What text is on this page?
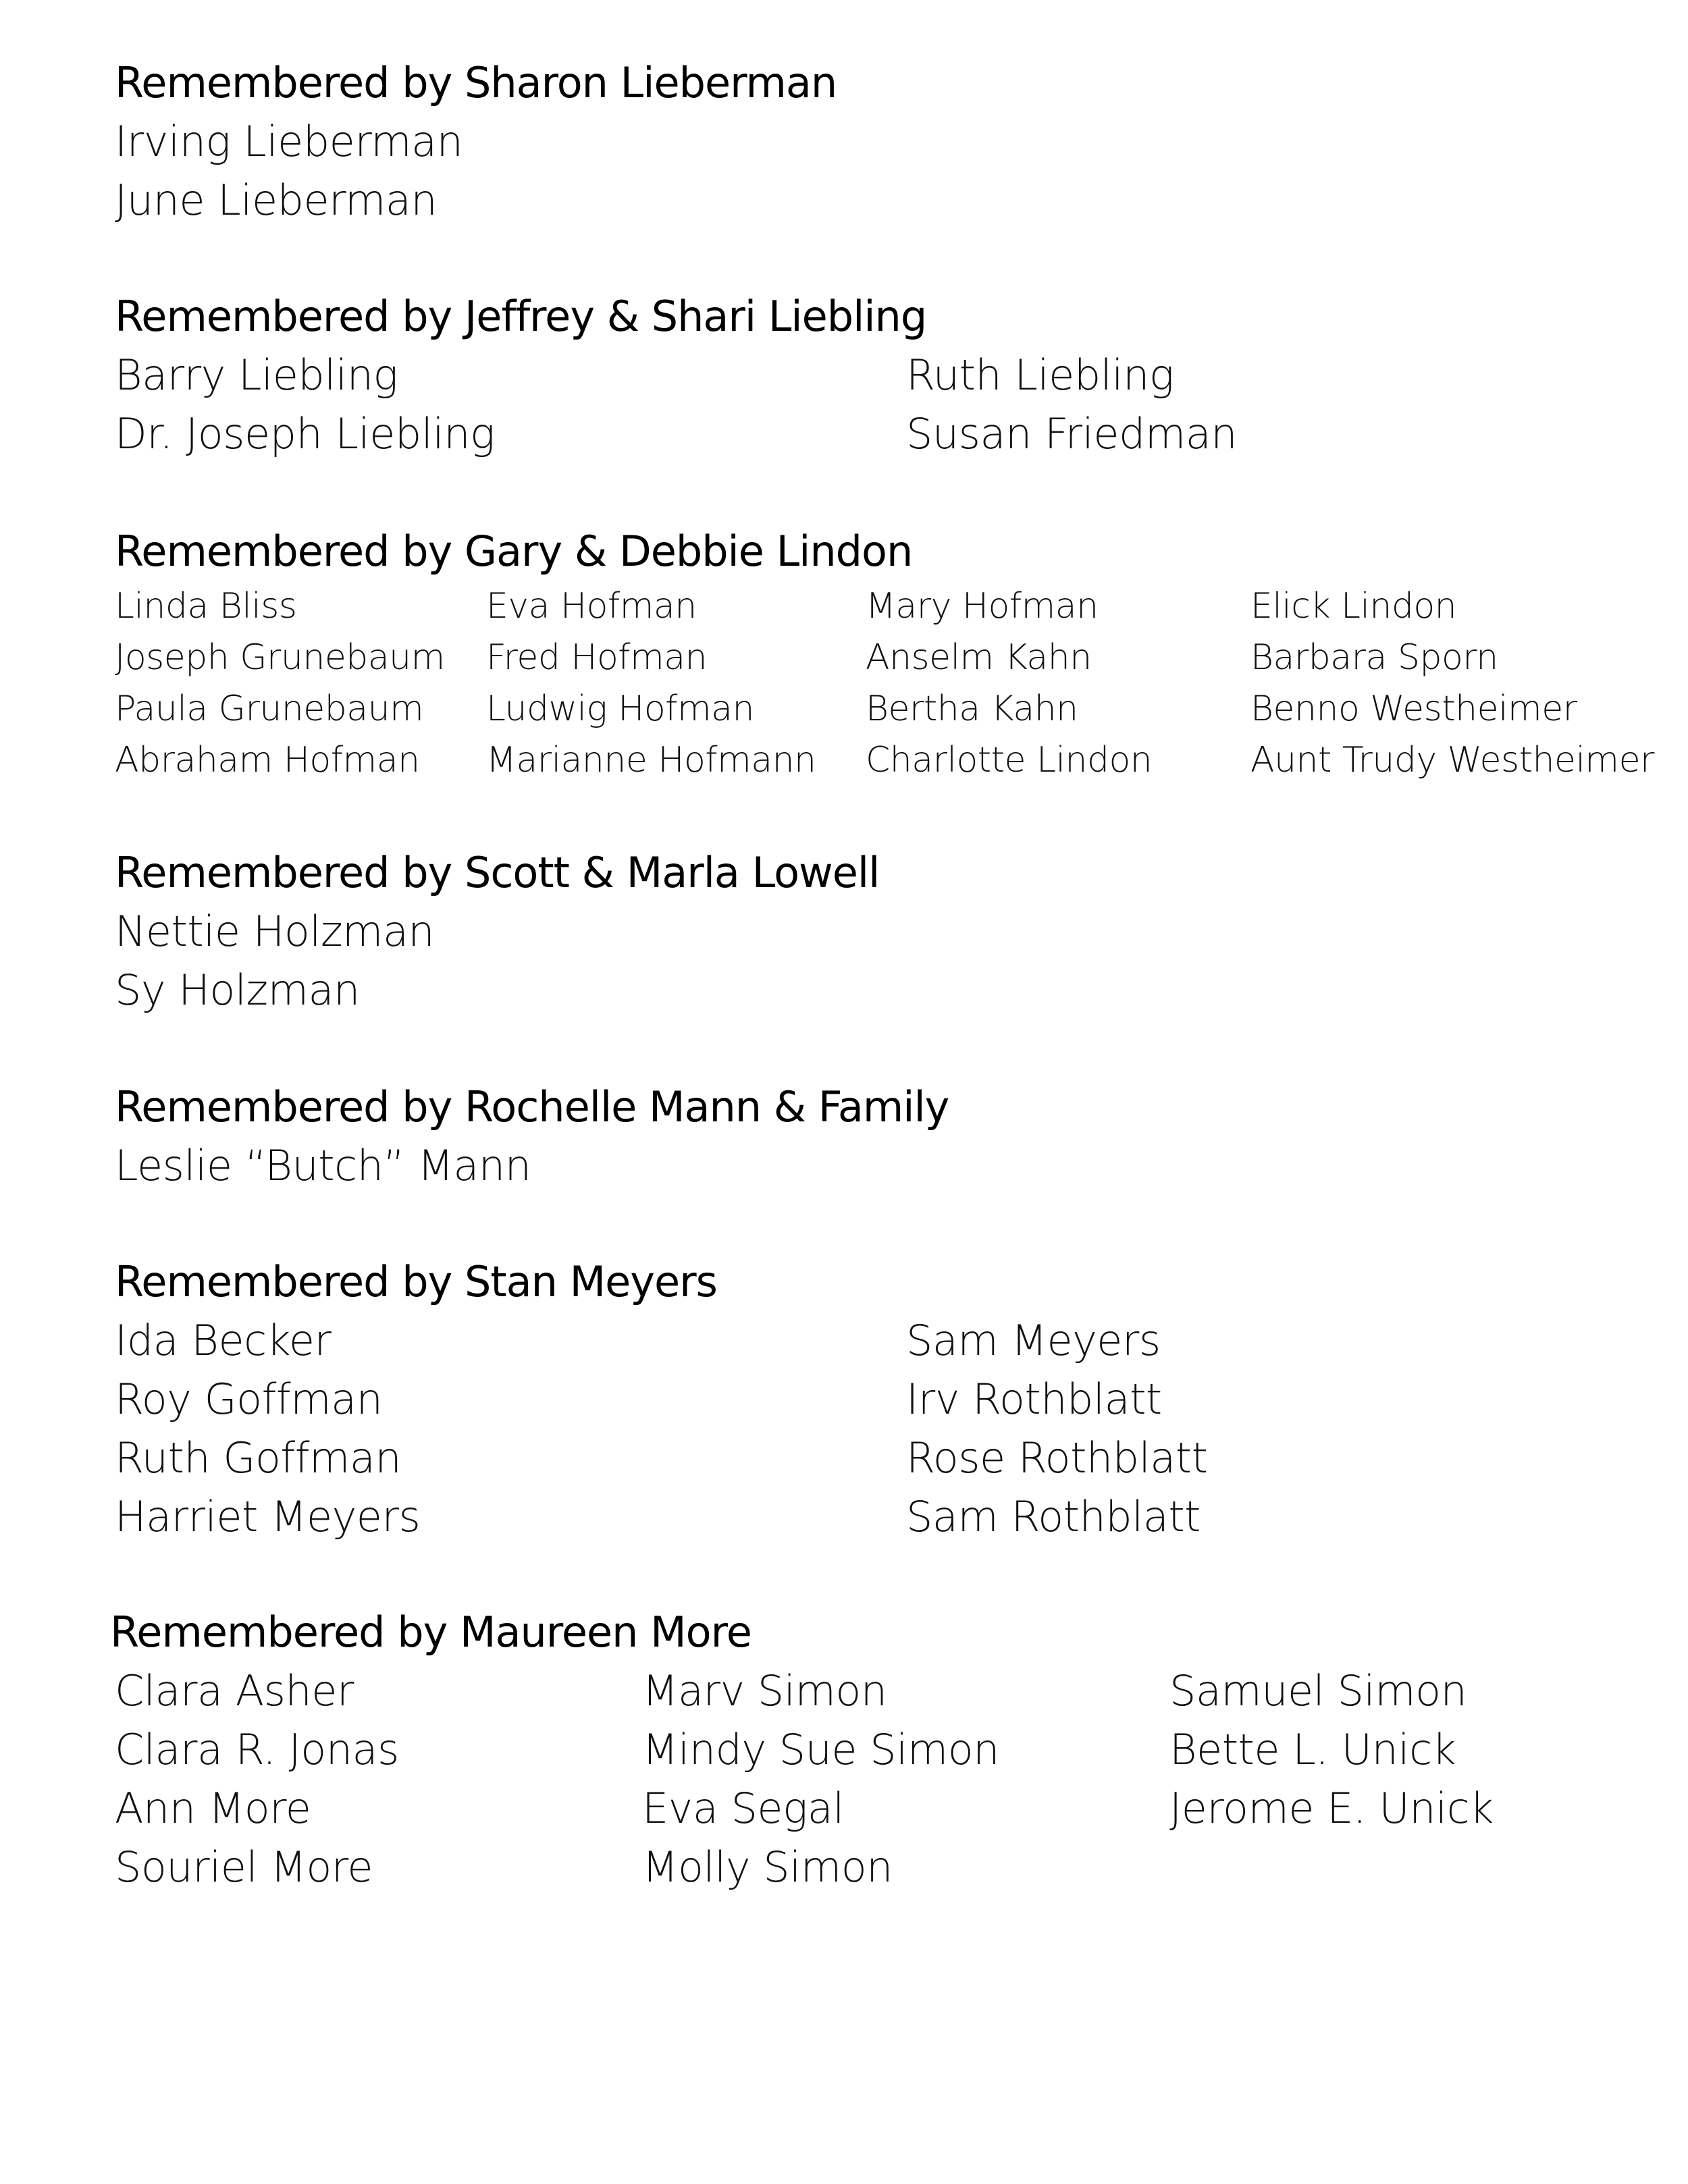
Remembered by Sharon Lieberman
Irving Lieberman
June Lieberman
Remembered by Jeffrey & Shari Liebling
Barry Liebling
Dr. Joseph Liebling
Ruth Liebling
Susan Friedman
Remembered by Gary & Debbie Lindon
Linda Bliss
Joseph Grunebaum
Paula Grunebaum
Abraham Hofman
Eva Hofman
Fred Hofman
Ludwig Hofman
Marianne Hofmann
Mary Hofman
Anselm Kahn
Bertha Kahn
Charlotte Lindon
Elick Lindon
Barbara Sporn
Benno Westheimer
Aunt Trudy Westheimer
Remembered by Scott & Marla Lowell
Nettie Holzman
Sy Holzman
Remembered by Rochelle Mann & Family
Leslie “Butch” Mann
Remembered by Stan Meyers
Ida Becker
Roy Goffman
Ruth Goffman
Harriet Meyers
Sam Meyers
Irv Rothblatt
Rose Rothblatt
Sam Rothblatt
Remembered by Maureen More
Clara Asher
Clara R. Jonas
Ann More
Souriel More
Marv Simon
Mindy Sue Simon
Eva Segal
Molly Simon
Samuel Simon
Bette L. Unick
Jerome E. Unick
